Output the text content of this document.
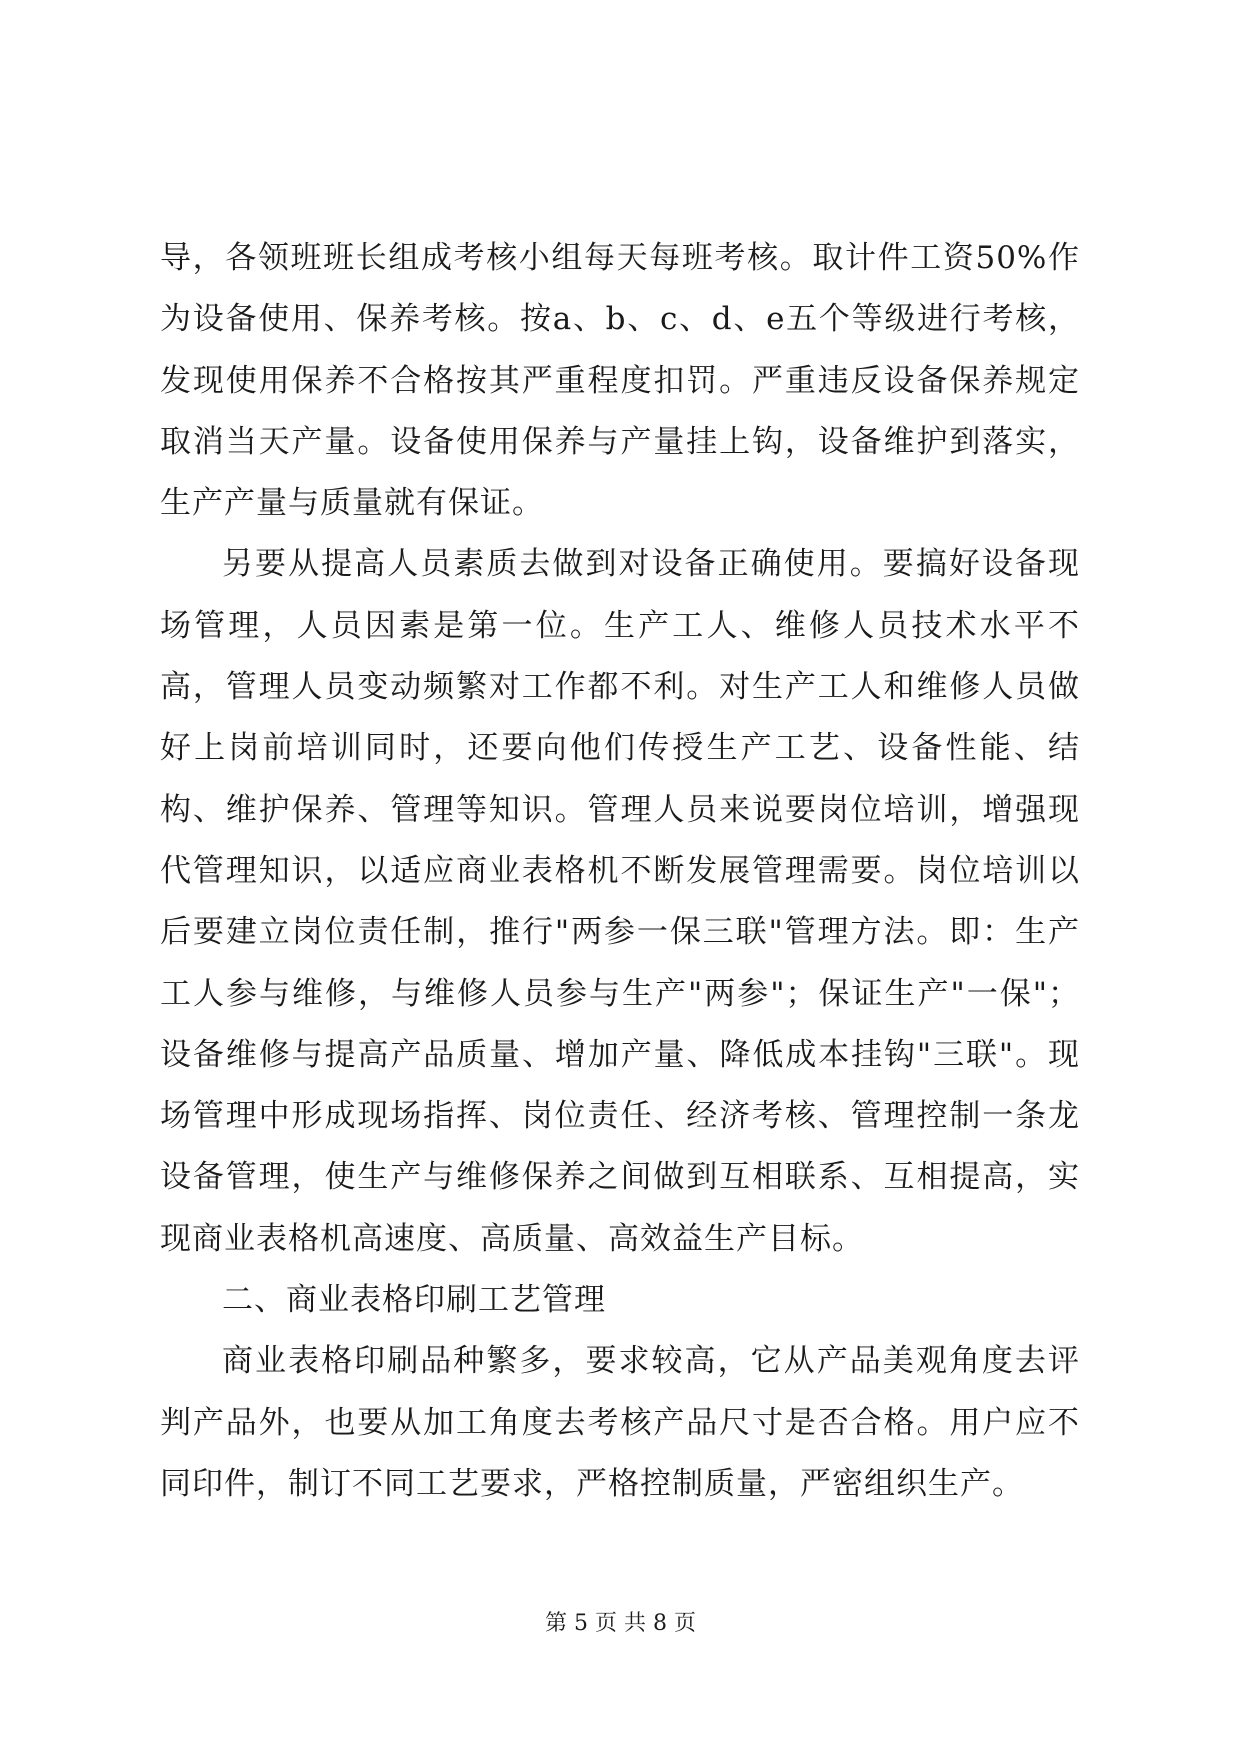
导，各领班班长组成考核小组每天每班考核。取计件工资50%作为设备使用、保养考核。按a、b、c、d、e五个等级进行考核，发现使用保养不合格按其严重程度扣罚。严重违反设备保养规定取消当天产量。设备使用保养与产量挂上钩，设备维护到落实，生产产量与质量就有保证。

另要从提高人员素质去做到对设备正确使用。要搞好设备现场管理，人员因素是第一位。生产工人、维修人员技术水平不高，管理人员变动频繁对工作都不利。对生产工人和维修人员做好上岗前培训同时，还要向他们传授生产工艺、设备性能、结构、维护保养、管理等知识。管理人员来说要岗位培训，增强现代管理知识，以适应商业表格机不断发展管理需要。岗位培训以后要建立岗位责任制，推行"两参一保三联"管理方法。即：生产工人参与维修，与维修人员参与生产"两参"；保证生产"一保"；设备维修与提高产品质量、增加产量、降低成本挂钩"三联"。现场管理中形成现场指挥、岗位责任、经济考核、管理控制一条龙设备管理，使生产与维修保养之间做到互相联系、互相提高，实现商业表格机高速度、高质量、高效益生产目标。

二、商业表格印刷工艺管理

商业表格印刷品种繁多，要求较高，它从产品美观角度去评判产品外，也要从加工角度去考核产品尺寸是否合格。用户应不同印件，制订不同工艺要求，严格控制质量，严密组织生产。

第 5 页 共 8 页
